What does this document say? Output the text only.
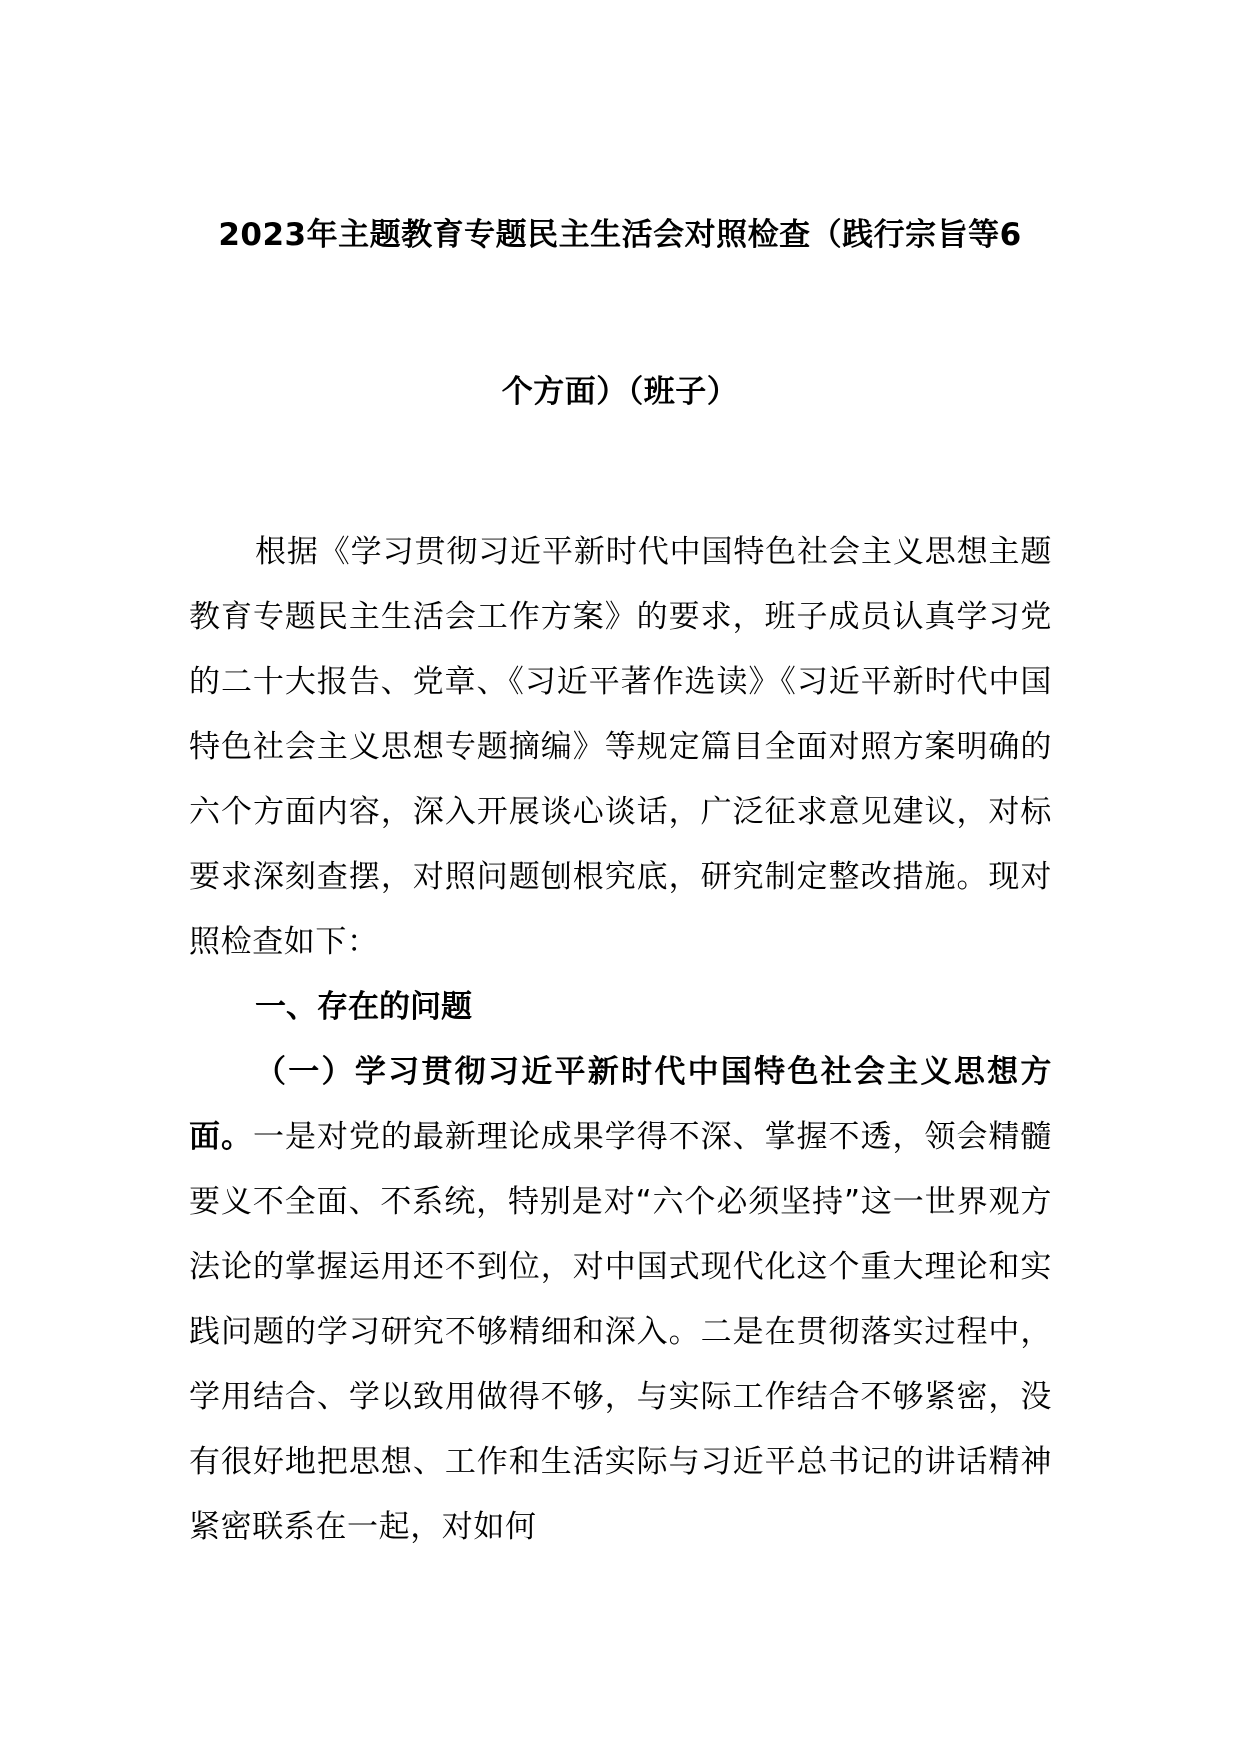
2023年主题教育专题民主生活会对照检查（践行宗旨等6
个方面）（班子）

根据《学习贯彻习近平新时代中国特色社会主义思想主题教育专题民主生活会工作方案》的要求，班子成员认真学习党的二十大报告、党章、《习近平著作选读》《习近平新时代中国特色社会主义思想专题摘编》等规定篇目全面对照方案明确的六个方面内容，深入开展谈心谈话，广泛征求意见建议，对标要求深刻查摆，对照问题刨根究底，研究制定整改措施。现对照检查如下：

一、存在的问题

（一）学习贯彻习近平新时代中国特色社会主义思想方面。一是对党的最新理论成果学得不深、掌握不透，领会精髓要义不全面、不系统，特别是对“六个必须坚持”这一世界观方法论的掌握运用还不到位，对中国式现代化这个重大理论和实践问题的学习研究不够精细和深入。二是在贯彻落实过程中，学用结合、学以致用做得不够，与实际工作结合不够紧密，没有很好地把思想、工作和生活实际与习近平总书记的讲话精神紧密联系在一起，对如何
